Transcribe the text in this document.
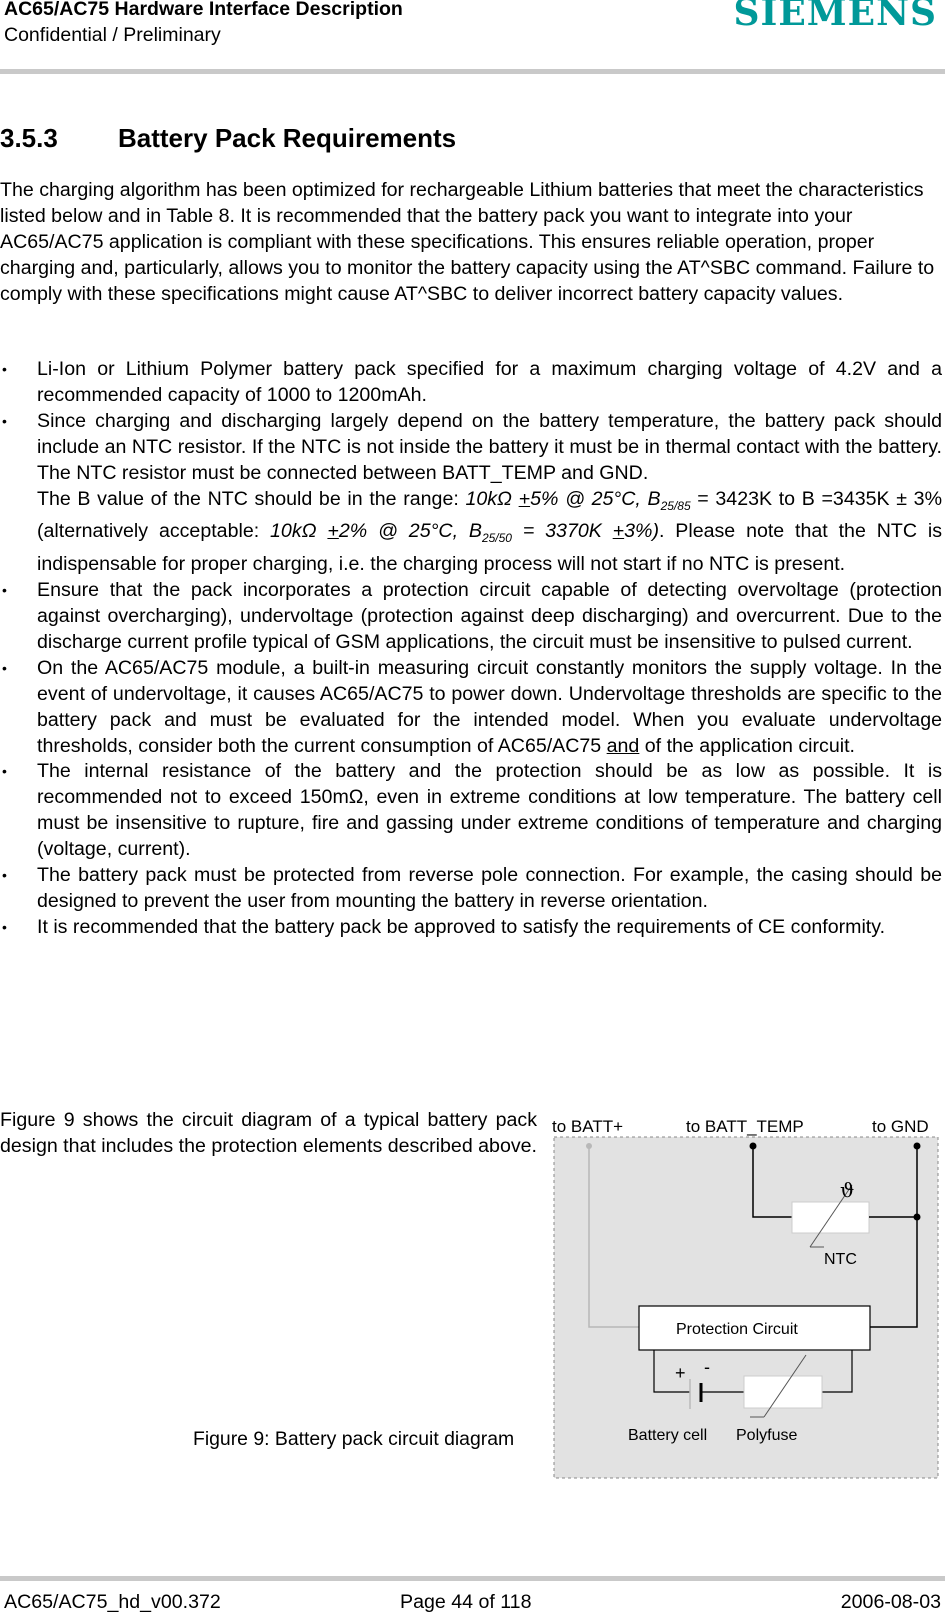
AC65/AC75 Hardware Interface Description
Confidential / Preliminary
SIEMENS
3.5.3 Battery Pack Requirements
The charging algorithm has been optimized for rechargeable Lithium batteries that meet the characteristics listed below and in Table 8. It is recommended that the battery pack you want to integrate into your AC65/AC75 application is compliant with these specifications. This ensures reliable operation, proper charging and, particularly, allows you to monitor the battery capacity using the AT^SBC command. Failure to comply with these specifications might cause AT^SBC to deliver incorrect battery capacity values.
• Li-Ion or Lithium Polymer battery pack specified for a maximum charging voltage of 4.2V and a recommended capacity of 1000 to 1200mAh.
• Since charging and discharging largely depend on the battery temperature, the battery pack should include an NTC resistor. If the NTC is not inside the battery it must be in thermal contact with the battery. The NTC resistor must be connected between BATT_TEMP and GND.

The B value of the NTC should be in the range: 10kΩ +5% @ 25°C, $B_{25/85} = 3423K$ to B =3435K ± 3% (alternatively acceptable: 10kΩ +2% @ 25°C, $B_{25/50} = 3370K +3\%$). Please note that the NTC is indispensable for proper charging, i.e. the charging process will not start if no NTC is present.
• Ensure that the pack incorporates a protection circuit capable of detecting overvoltage (protection against overcharging), undervoltage (protection against deep discharging) and overcurrent. Due to the discharge current profile typical of GSM applications, the circuit must be insensitive to pulsed current.
• On the AC65/AC75 module, a built-in measuring circuit constantly monitors the supply voltage. In the event of undervoltage, it causes AC65/AC75 to power down. Undervoltage thresholds are specific to the battery pack and must be evaluated for the intended model. When you evaluate undervoltage thresholds, consider both the current consumption of AC65/AC75 and of the application circuit.
• The internal resistance of the battery and the protection should be as low as possible. It is recommended not to exceed 150mΩ, even in extreme conditions at low temperature. The battery cell must be insensitive to rupture, fire and gassing under extreme conditions of temperature and charging (voltage, current).
• The battery pack must be protected from reverse pole connection. For example, the casing should be designed to prevent the user from mounting the battery in reverse orientation.
• It is recommended that the battery pack be approved to satisfy the requirements of CE conformity.
Figure 9 shows the circuit diagram of a typical battery pack design that includes the protection elements described above.
to BATT+	to BATT_TEMP	to GND
ϑ
NTC
Protection Circuit
+ -
Battery cell Polyfuse
Figure 9: Battery pack circuit diagram
AC65/AC75_hd_v00.372	Page 44 of 118	2006-08-03
